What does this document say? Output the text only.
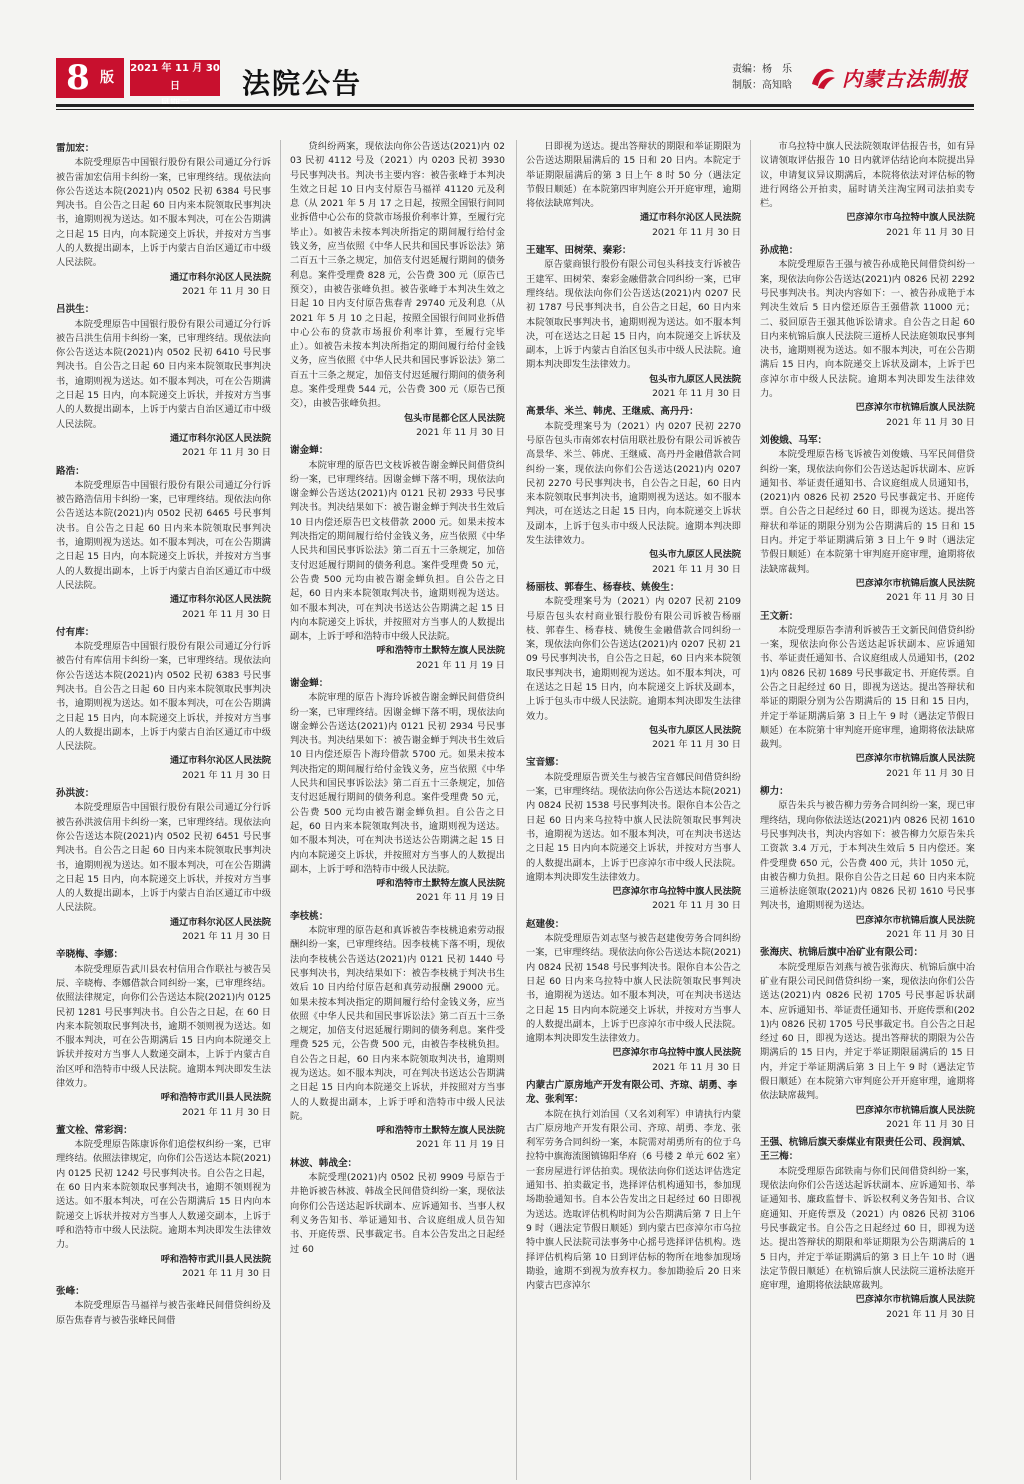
8 版
2021 年 11 月 30 日	法院公告	责编：杨　乐
制版：高知晗	内蒙古法制报
雷加宏：
本院受理原告中国银行股份有限公司通辽分行诉被告雷加宏信用卡纠纷一案，已审理终结。现依法向你公告送达本院(2021)内 0502 民初 6384 号民事判决书。自公告之日起 60 日内来本院领取民事判决书，逾期则视为送达。如不服本判决，可在公告期满之日起 15 日内，向本院递交上诉状，并按对方当事人的人数提出副本，上诉于内蒙古自治区通辽市中级人民法院。
通辽市科尔沁区人民法院
2021 年 11 月 30 日
吕洪生：
本院受理原告中国银行股份有限公司通辽分行诉被告吕洪生信用卡纠纷一案，已审理终结。现依法向你公告送达本院(2021)内 0502 民初 6410 号民事判决书。自公告之日起 60 日内来本院领取民事判决书，逾期则视为送达。如不服本判决，可在公告期满之日起 15 日内，向本院递交上诉状，并按对方当事人的人数提出副本，上诉于内蒙古自治区通辽市中级人民法院。
通辽市科尔沁区人民法院
2021 年 11 月 30 日
路浩：
本院受理原告中国银行股份有限公司通辽分行诉被告路浩信用卡纠纷一案，已审理终结。现依法向你公告送达本院(2021)内 0502 民初 6465 号民事判决书。自公告之日起 60 日内来本院领取民事判决书，逾期则视为送达。如不服本判决，可在公告期满之日起 15 日内，向本院递交上诉状，并按对方当事人的人数提出副本，上诉于内蒙古自治区通辽市中级人民法院。
通辽市科尔沁区人民法院
2021 年 11 月 30 日
付有库：
本院受理原告中国银行股份有限公司通辽分行诉被告付有库信用卡纠纷一案，已审理终结。现依法向你公告送达本院(2021)内 0502 民初 6383 号民事判决书。自公告之日起 60 日内来本院领取民事判决书，逾期则视为送达。如不服本判决，可在公告期满之日起 15 日内，向本院递交上诉状，并按对方当事人的人数提出副本，上诉于内蒙古自治区通辽市中级人民法院。
通辽市科尔沁区人民法院
2021 年 11 月 30 日
孙洪波：
本院受理原告中国银行股份有限公司通辽分行诉被告孙洪波信用卡纠纷一案，已审理终结。现依法向你公告送达本院(2021)内 0502 民初 6451 号民事判决书。自公告之日起 60 日内来本院领取民事判决书，逾期则视为送达。如不服本判决，可在公告期满之日起 15 日内，向本院递交上诉状，并按对方当事人的人数提出副本，上诉于内蒙古自治区通辽市中级人民法院。
通辽市科尔沁区人民法院
2021 年 11 月 30 日
辛晓梅、李娜：
本院受理原告武川县农村信用合作联社与被告吴辰、辛晓梅、李娜借款合同纠纷一案，已审理终结。依照法律规定，向你们公告送达本院(2021)内 0125 民初 1281 号民事判决书。自公告之日起，在 60 日内来本院领取民事判决书，逾期不领则视为送达。如不服本判决，可在公告期满后 15 日内向本院递交上诉状并按对方当事人人数递交副本，上诉于内蒙古自治区呼和浩特市中级人民法院。逾期本判决即发生法律效力。
呼和浩特市武川县人民法院
2021 年 11 月 30 日
董文栓、常彩润：
本院受理原告陈康诉你们追偿权纠纷一案，已审理终结。依照法律规定，向你们公告送达本院(2021)内 0125 民初 1242 号民事判决书。自公告之日起，在 60 日内来本院领取民事判决书，逾期不领则视为送达。如不服本判决，可在公告期满后 15 日内向本院递交上诉状并按对方当事人人数递交副本，上诉于呼和浩特市中级人民法院。逾期本判决即发生法律效力。
呼和浩特市武川县人民法院
2021 年 11 月 30 日
张峰：
本院受理原告马福祥与被告张峰民间借贷纠纷及原告焦春青与被告张峰民间借
贷纠纷两案，现依法向你公告送达(2021)内 0203 民初 4112 号及（2021）内 0203 民初 3930 号民事判决书。判决书主要内容：被告张峰于本判决生效之日起 10 日内支付原告马福祥 41120 元及利息（从 2021 年 5 月 17 之日起，按照全国银行间同业拆借中心公布的贷款市场报价利率计算，至履行完毕止）。如被告未按本判决所指定的期间履行给付金钱义务，应当依照《中华人民共和国民事诉讼法》第二百五十三条之规定，加倍支付迟延履行期间的债务利息。案件受理费 828 元，公告费 300 元（原告已预交），由被告张峰负担。被告张峰于本判决生效之日起 10 日内支付原告焦春青 29740 元及利息（从 2021 年 5 月 10 之日起，按照全国银行间同业拆借中心公布的贷款市场报价利率计算，至履行完毕止）。如被告未按本判决所指定的期间履行给付金钱义务，应当依照《中华人民共和国民事诉讼法》第二百五十三条之规定，加倍支付迟延履行期间的债务利息。案件受理费 544 元，公告费 300 元（原告已预交），由被告张峰负担。
包头市昆都仑区人民法院
2021 年 11 月 30 日
谢金蝉：
本院审理的原告巴文枝诉被告谢金蝉民间借贷纠纷一案，已审理终结。因谢金蝉下落不明，现依法向谢金蝉公告送达(2021)内 0121 民初 2933 号民事判决书。判决结果如下：被告谢金蝉于判决书生效后 10 日内偿还原告巴文枝借款 2000 元。如果未按本判决指定的期间履行给付金钱义务，应当依照《中华人民共和国民事诉讼法》第二百五十三条规定，加倍支付迟延履行期间的债务利息。案件受理费 50 元，公告费 500 元均由被告谢金蝉负担。自公告之日起，60 日内来本院领取判决书，逾期则视为送达。如不服本判决，可在判决书送达公告期满之起 15 日内向本院递交上诉状，并按照对方当事人的人数提出副本，上诉于呼和浩特市中级人民法院。
呼和浩特市土默特左旗人民法院
2021 年 11 月 19 日
谢金蝉：
本院审理的原告卜海玲诉被告谢金蝉民间借贷纠纷一案，已审理终结。因谢金蝉下落不明，现依法向谢金蝉公告送达(2021)内 0121 民初 2934 号民事判决书。判决结果如下：被告谢金蝉于判决书生效后 10 日内偿还原告卜海玲借款 5700 元。如果未按本判决指定的期间履行给付金钱义务，应当依照《中华人民共和国民事诉讼法》第二百五十三条规定，加倍支付迟延履行期间的债务利息。案件受理费 50 元，公告费 500 元均由被告谢金蝉负担。自公告之日起，60 日内来本院领取判决书，逾期则视为送达。如不服本判决，可在判决书送达公告期满之起 15 日内向本院递交上诉状，并按照对方当事人的人数提出副本，上诉于呼和浩特市中级人民法院。
呼和浩特市土默特左旗人民法院
2021 年 11 月 19 日
李枝桃：
本院审理的原告赵和真诉被告李枝桃追索劳动报酬纠纷一案，已审理终结。因李枝桃下落不明，现依法向李枝桃公告送达(2021)内 0121 民初 1440 号民事判决书，判决结果如下：被告李枝桃于判决书生效后 10 日内给付原告赵和真劳动报酬 29000 元。如果未按本判决指定的期间履行给付金钱义务，应当依照《中华人民共和国民事诉讼法》第二百五十三条之规定，加倍支付迟延履行期间的债务利息。案件受理费 525 元，公告费 500 元，由被告李枝桃负担。自公告之日起，60 日内来本院领取判决书，逾期则视为送达。如不服本判决，可在判决书送达公告期满之日起 15 日内向本院递交上诉状，并按照对方当事人的人数提出副本，上诉于呼和浩特市中级人民法院。
呼和浩特市土默特左旗人民法院
2021 年 11 月 19 日
林波、韩战全：
本院受理(2021)内 0502 民初 9909 号原告于井艳诉被告林波、韩战全民间借贷纠纷一案，现依法向你们公告送达起诉状副本、应诉通知书、当事人权利义务告知书、举证通知书、合议庭组成人员告知书、开庭传票、民事裁定书。自本公告发出之日起经过 60
日即视为送达。提出答辩状的期限和举证期限为公告送达期限届满后的 15 日和 20 日内。本院定于举证期限届满后的第 3 日上午 8 时 50 分（遇法定节假日顺延）在本院第四审判庭公开开庭审理，逾期将依法缺席判决。
通辽市科尔沁区人民法院
2021 年 11 月 30 日
王建军、田树荣、秦彩：
原告蒙商银行股份有限公司包头科技支行诉被告王建军、田树荣、秦彩金融借款合同纠纷一案，已审理终结。现依法向你们公告送达(2021)内 0207 民初 1787 号民事判决书，自公告之日起，60 日内来本院领取民事判决书，逾期则视为送达。如不服本判决，可在送达之日起 15 日内，向本院递交上诉状及副本，上诉于内蒙古自治区包头市中级人民法院。逾期本判决即发生法律效力。
包头市九原区人民法院
2021 年 11 月 30 日
高景华、米兰、韩虎、王继威、高丹丹：
本院受理案号为（2021）内 0207 民初 2270 号原告包头市南郊农村信用联社股份有限公司诉被告高景华、米兰、韩虎、王继威、高丹丹金融借款合同纠纷一案，现依法向你们公告送达(2021)内 0207 民初 2270 号民事判决书，自公告之日起，60 日内来本院领取民事判决书，逾期则视为送达。如不服本判决，可在送达之日起 15 日内，向本院递交上诉状及副本，上诉于包头市中级人民法院。逾期本判决即发生法律效力。
包头市九原区人民法院
2021 年 11 月 30 日
杨丽枝、郭春生、杨春枝、姚俊生：
本院受理案号为（2021）内 0207 民初 2109 号原告包头农村商业银行股份有限公司诉被告杨丽枝、郭春生、杨春枝、姚俊生金融借款合同纠纷一案，现依法向你们公告送达(2021)内 0207 民初 2109 号民事判决书，自公告之日起，60 日内来本院领取民事判决书，逾期则视为送达。如不服本判决，可在送达之日起 15 日内，向本院递交上诉状及副本，上诉于包头市中级人民法院。逾期本判决即发生法律效力。
包头市九原区人民法院
2021 年 11 月 30 日
宝音娜：
本院受理原告贾关生与被告宝音娜民间借贷纠纷一案，已审理终结。现依法向你公告送达本院(2021)内 0824 民初 1538 号民事判决书。限你自本公告之日起 60 日内来乌拉特中旗人民法院领取民事判决书，逾期视为送达。如不服本判决，可在判决书送达之日起 15 日内向本院递交上诉状，并按对方当事人的人数提出副本，上诉于巴彦淖尔市中级人民法院。逾期本判决即发生法律效力。
巴彦淖尔市乌拉特中旗人民法院
2021 年 11 月 30 日
赵建俊：
本院受理原告刘志坚与被告赵建俊劳务合同纠纷一案，已审理终结。现依法向你公告送达本院(2021)内 0824 民初 1548 号民事判决书。限你自本公告之日起 60 日内来乌拉特中旗人民法院领取民事判决书，逾期视为送达。如不服本判决，可在判决书送达之日起 15 日内向本院递交上诉状，并按对方当事人的人数提出副本，上诉于巴彦淖尔市中级人民法院。逾期本判决即发生法律效力。
巴彦淖尔市乌拉特中旗人民法院
2021 年 11 月 30 日
内蒙古广原房地产开发有限公司、齐琼、胡勇、李龙、张利军：
本院在执行刘治国（又名刘利军）申请执行内蒙古广原房地产开发有限公司、齐琼、胡勇、李龙、张利军劳务合同纠纷一案，本院需对胡勇所有的位于乌拉特中旗海流图镇锦阳华府（6 号楼 2 单元 602 室）一套房屋进行评估拍卖。现依法向你们送达评估选定通知书、拍卖裁定书，选择评估机构通知书，参加现场勘验通知书。自本公告发出之日起经过 60 日即视为送达。选取评估机构时间为公告期满后第 7 日上午 9 时（遇法定节假日顺延）到内蒙古巴彦淖尔市乌拉特中旗人民法院司法事务中心摇号选择评估机构。选择评估机构后第 10 日到评估标的物所在地参加现场勘验，逾期不到视为放弃权力。参加勘验后 20 日来内蒙古巴彦淖尔
市乌拉特中旗人民法院领取评估报告书，如有异议请领取评估报告 10 日内就评估结论向本院提出异议，申请复议异议期满后，本院将依法对评估标的物进行网络公开拍卖，届时请关注淘宝网司法拍卖专栏。
巴彦淖尔市乌拉特中旗人民法院
2021 年 11 月 30 日
孙成艳：
本院受理原告王强与被告孙成艳民间借贷纠纷一案，现依法向你公告送达(2021)内 0826 民初 2292 号民事判决书。判决内容如下：一、被告孙成艳于本判决生效后 5 日内偿还原告王强借款 11000 元；二、驳回原告王强其他诉讼请求。自公告之日起 60 日内来杭锦后旗人民法院三道桥人民法庭领取民事判决书，逾期则视为送达。如不服本判决，可在公告期满后 15 日内，向本院递交上诉状及副本，上诉于巴彦淖尔市中级人民法院。逾期本判决即发生法律效力。
巴彦淖尔市杭锦后旗人民法院
2021 年 11 月 30 日
刘俊娥、马军：
本院受理原告杨飞诉被告刘俊娥、马军民间借贷纠纷一案，现依法向你们公告送达起诉状副本、应诉通知书、举证责任通知书、合议庭组成人员通知书，(2021)内 0826 民初 2520 号民事裁定书、开庭传票。自公告之日起经过 60 日，即视为送达。提出答辩状和举证的期限分别为公告期满后的 15 日和 15 日内。并定于举证期满后第 3 日上午 9 时（遇法定节假日顺延）在本院第十审判庭开庭审理，逾期将依法缺席裁判。
巴彦淖尔市杭锦后旗人民法院
2021 年 11 月 30 日
王文新：
本院受理原告李清利诉被告王文新民间借贷纠纷一案，现依法向你公告送达起诉状副本、应诉通知书、举证责任通知书、合议庭组成人员通知书，(2021)内 0826 民初 1689 号民事裁定书、开庭传票。自公告之日起经过 60 日，即视为送达。提出答辩状和举证的期限分别为公告期满后的 15 日和 15 日内，并定于举证期满后第 3 日上午 9 时（遇法定节假日顺延）在本院第十审判庭开庭审理，逾期将依法缺席裁判。
巴彦淖尔市杭锦后旗人民法院
2021 年 11 月 30 日
柳力：
原告朱兵与被告柳力劳务合同纠纷一案，现已审理终结，现向你依法送达(2021)内 0826 民初 1610 号民事判决书，判决内容如下：被告柳力欠原告朱兵工资款 3.4 万元，于本判决生效后 5 日内偿还。案件受理费 650 元，公告费 400 元，共计 1050 元，由被告柳力负担。限你自公告之日起 60 日内来本院三道桥法庭领取(2021)内 0826 民初 1610 号民事判决书，逾期则视为送达。
巴彦淖尔市杭锦后旗人民法院
2021 年 11 月 30 日
张海庆、杭锦后旗中冶矿业有限公司：
本院受理原告刘燕与被告张海庆、杭锦后旗中冶矿业有限公司民间借贷纠纷一案，现依法向你们公告送达(2021)内 0826 民初 1705 号民事起诉状副本、应诉通知书、举证责任通知书、开庭传票和(2021)内 0826 民初 1705 号民事裁定书。自公告之日起经过 60 日，即视为送达。提出答辩状的期限为公告期满后的 15 日内，并定于举证期限届满后的 15 日内，并定于举证期满后第 3 日上午 9 时（遇法定节假日顺延）在本院第六审判庭公开开庭审理，逾期将依法缺席裁判。
巴彦淖尔市杭锦后旗人民法院
2021 年 11 月 30 日
王强、杭锦后旗天泰煤业有限责任公司、段润斌、王三梅：
本院受理原告邱铁南与你们民间借贷纠纷一案，现依法向你们公告送达起诉状副本、应诉通知书、举证通知书、廉政监督卡、诉讼权利义务告知书、合议庭通知、开庭传票及（2021）内 0826 民初 3106 号民事裁定书。自公告之日起经过 60 日，即视为送达。提出答辩状的期限和举证期限为公告期满后的 15 日内，并定于举证期满后的第 3 日上午 10 时（遇法定节假日顺延）在杭锦后旗人民法院三道桥法庭开庭审理，逾期将依法缺席裁判。
巴彦淖尔市杭锦后旗人民法院
2021 年 11 月 30 日
